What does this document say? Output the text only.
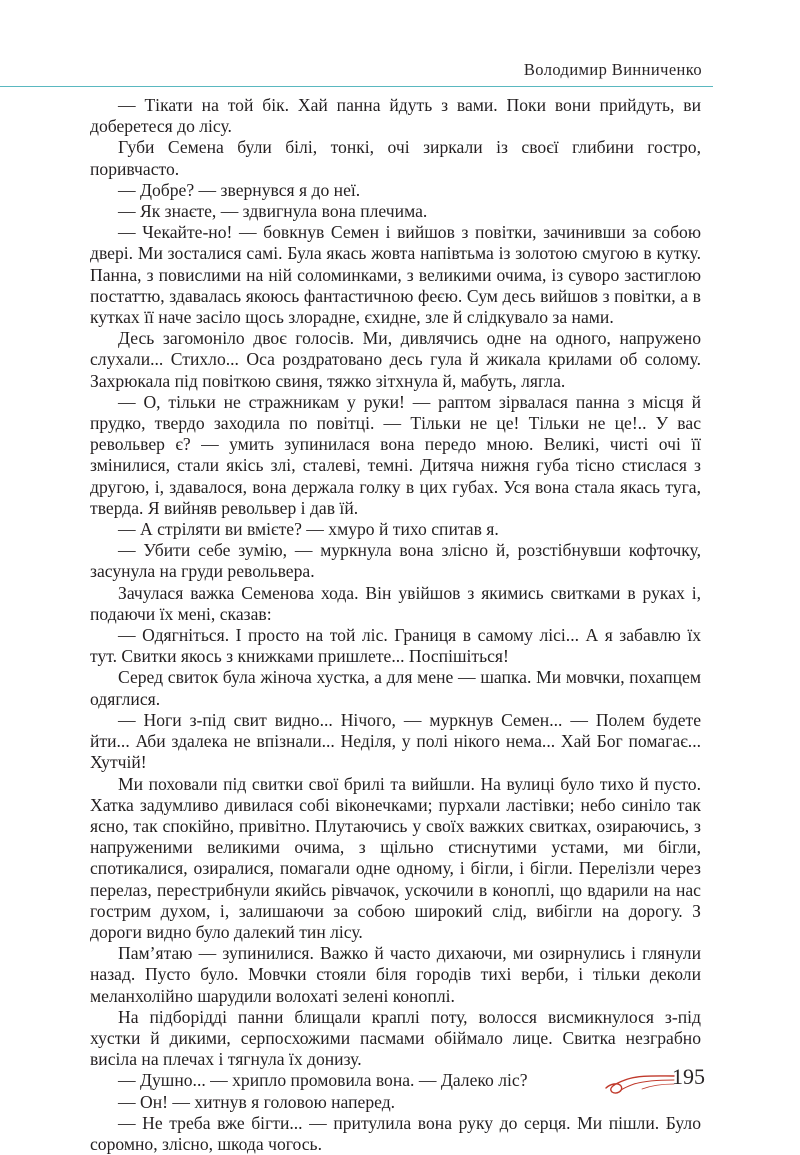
Володимир Винниченко

— Тікати на той бік. Хай панна йдуть з вами. Поки вони прийдуть, ви доберетеся до лісу.

Губи Семена були білі, тонкі, очі зиркали із своєї глибини гостро, поривчасто.

— Добре? — звернувся я до неї.

— Як знаєте, — здвигнула вона плечима.

— Чекайте-но! — бовкнув Семен і вийшов з повітки, зачинивши за собою двері. Ми зосталися самі. Була якась жовта напівтьма із золотою смугою в кутку. Панна, з повислими на ній соломинками, з великими очима, із суворо застиглою постаттю, здавалась якоюсь фантастичною феєю. Сум десь вийшов з повітки, а в кутках її наче засіло щось злорадне, єхидне, зле й слідкувало за нами.

Десь загомоніло двоє голосів. Ми, дивлячись одне на одного, напружено слухали... Стихло... Оса роздратовано десь гула й жикала крилами об солому. Захрюкала під повіткою свиня, тяжко зітхнула й, мабуть, лягла.

— О, тільки не стражникам у руки! — раптом зірвалася панна з місця й прудко, твердо заходила по повітці. — Тільки не це! Тільки не це!.. У вас револьвер є? — умить зупинилася вона передо мною. Великі, чисті очі її змінилися, стали якісь злі, сталеві, темні. Дитяча нижня губа тісно стислася з другою, і, здавалося, вона держала голку в цих губах. Уся вона стала якась туга, тверда. Я вийняв револьвер і дав їй.

— А стріляти ви вмієте? — хмуро й тихо спитав я.

— Убити себе зумію, — муркнула вона злісно й, розстібнувши кофточку, засунула на груди револьвера.

Зачулася важка Семенова хода. Він увійшов з якимись свитками в руках і, подаючи їх мені, сказав:

— Одягніться. І просто на той ліс. Границя в самому лісі... А я забавлю їх тут. Свитки якось з книжками пришлете... Поспішіться!

Серед свиток була жіноча хустка, а для мене — шапка. Ми мовчки, похапцем одяглися.

— Ноги з-під свит видно... Нічого, — муркнув Семен... — Полем будете йти... Аби здалека не впізнали... Неділя, у полі нікого нема... Хай Бог помагає... Хутчій!

Ми поховали під свитки свої брилі та вийшли. На вулиці було тихо й пусто. Хатка задумливо дивилася собі віконечками; пурхали ластівки; небо синіло так ясно, так спокійно, привітно. Плутаючись у своїх важких свитках, озираючись, з напруженими великими очима, з щільно стиснутими устами, ми бігли, спотикалися, озиралися, помагали одне одному, і бігли, і бігли. Перелізли через перелаз, перестрибнули якийсь рівчачок, ускочили в коноплі, що вдарили на нас гострим духом, і, залишаючи за собою широкий слід, вибігли на дорогу. З дороги видно було далекий тин лісу.

Пам’ятаю — зупинилися. Важко й часто дихаючи, ми озирнулись і глянули назад. Пусто було. Мовчки стояли біля городів тихі верби, і тільки деколи меланхолійно шарудили волохаті зелені коноплі.

На підборідді панни блищали краплі поту, волосся висмикнулося з-під хустки й дикими, серпосхожими пасмами обіймало лице. Свитка незграбно висіла на плечах і тягнула їх донизу.

— Душно... — хрипло промовила вона. — Далеко ліс?

— Он! — хитнув я головою наперед.

— Не треба вже бігти... — притулила вона руку до серця. Ми пішли. Було соромно, злісно, шкода чогось.

195
